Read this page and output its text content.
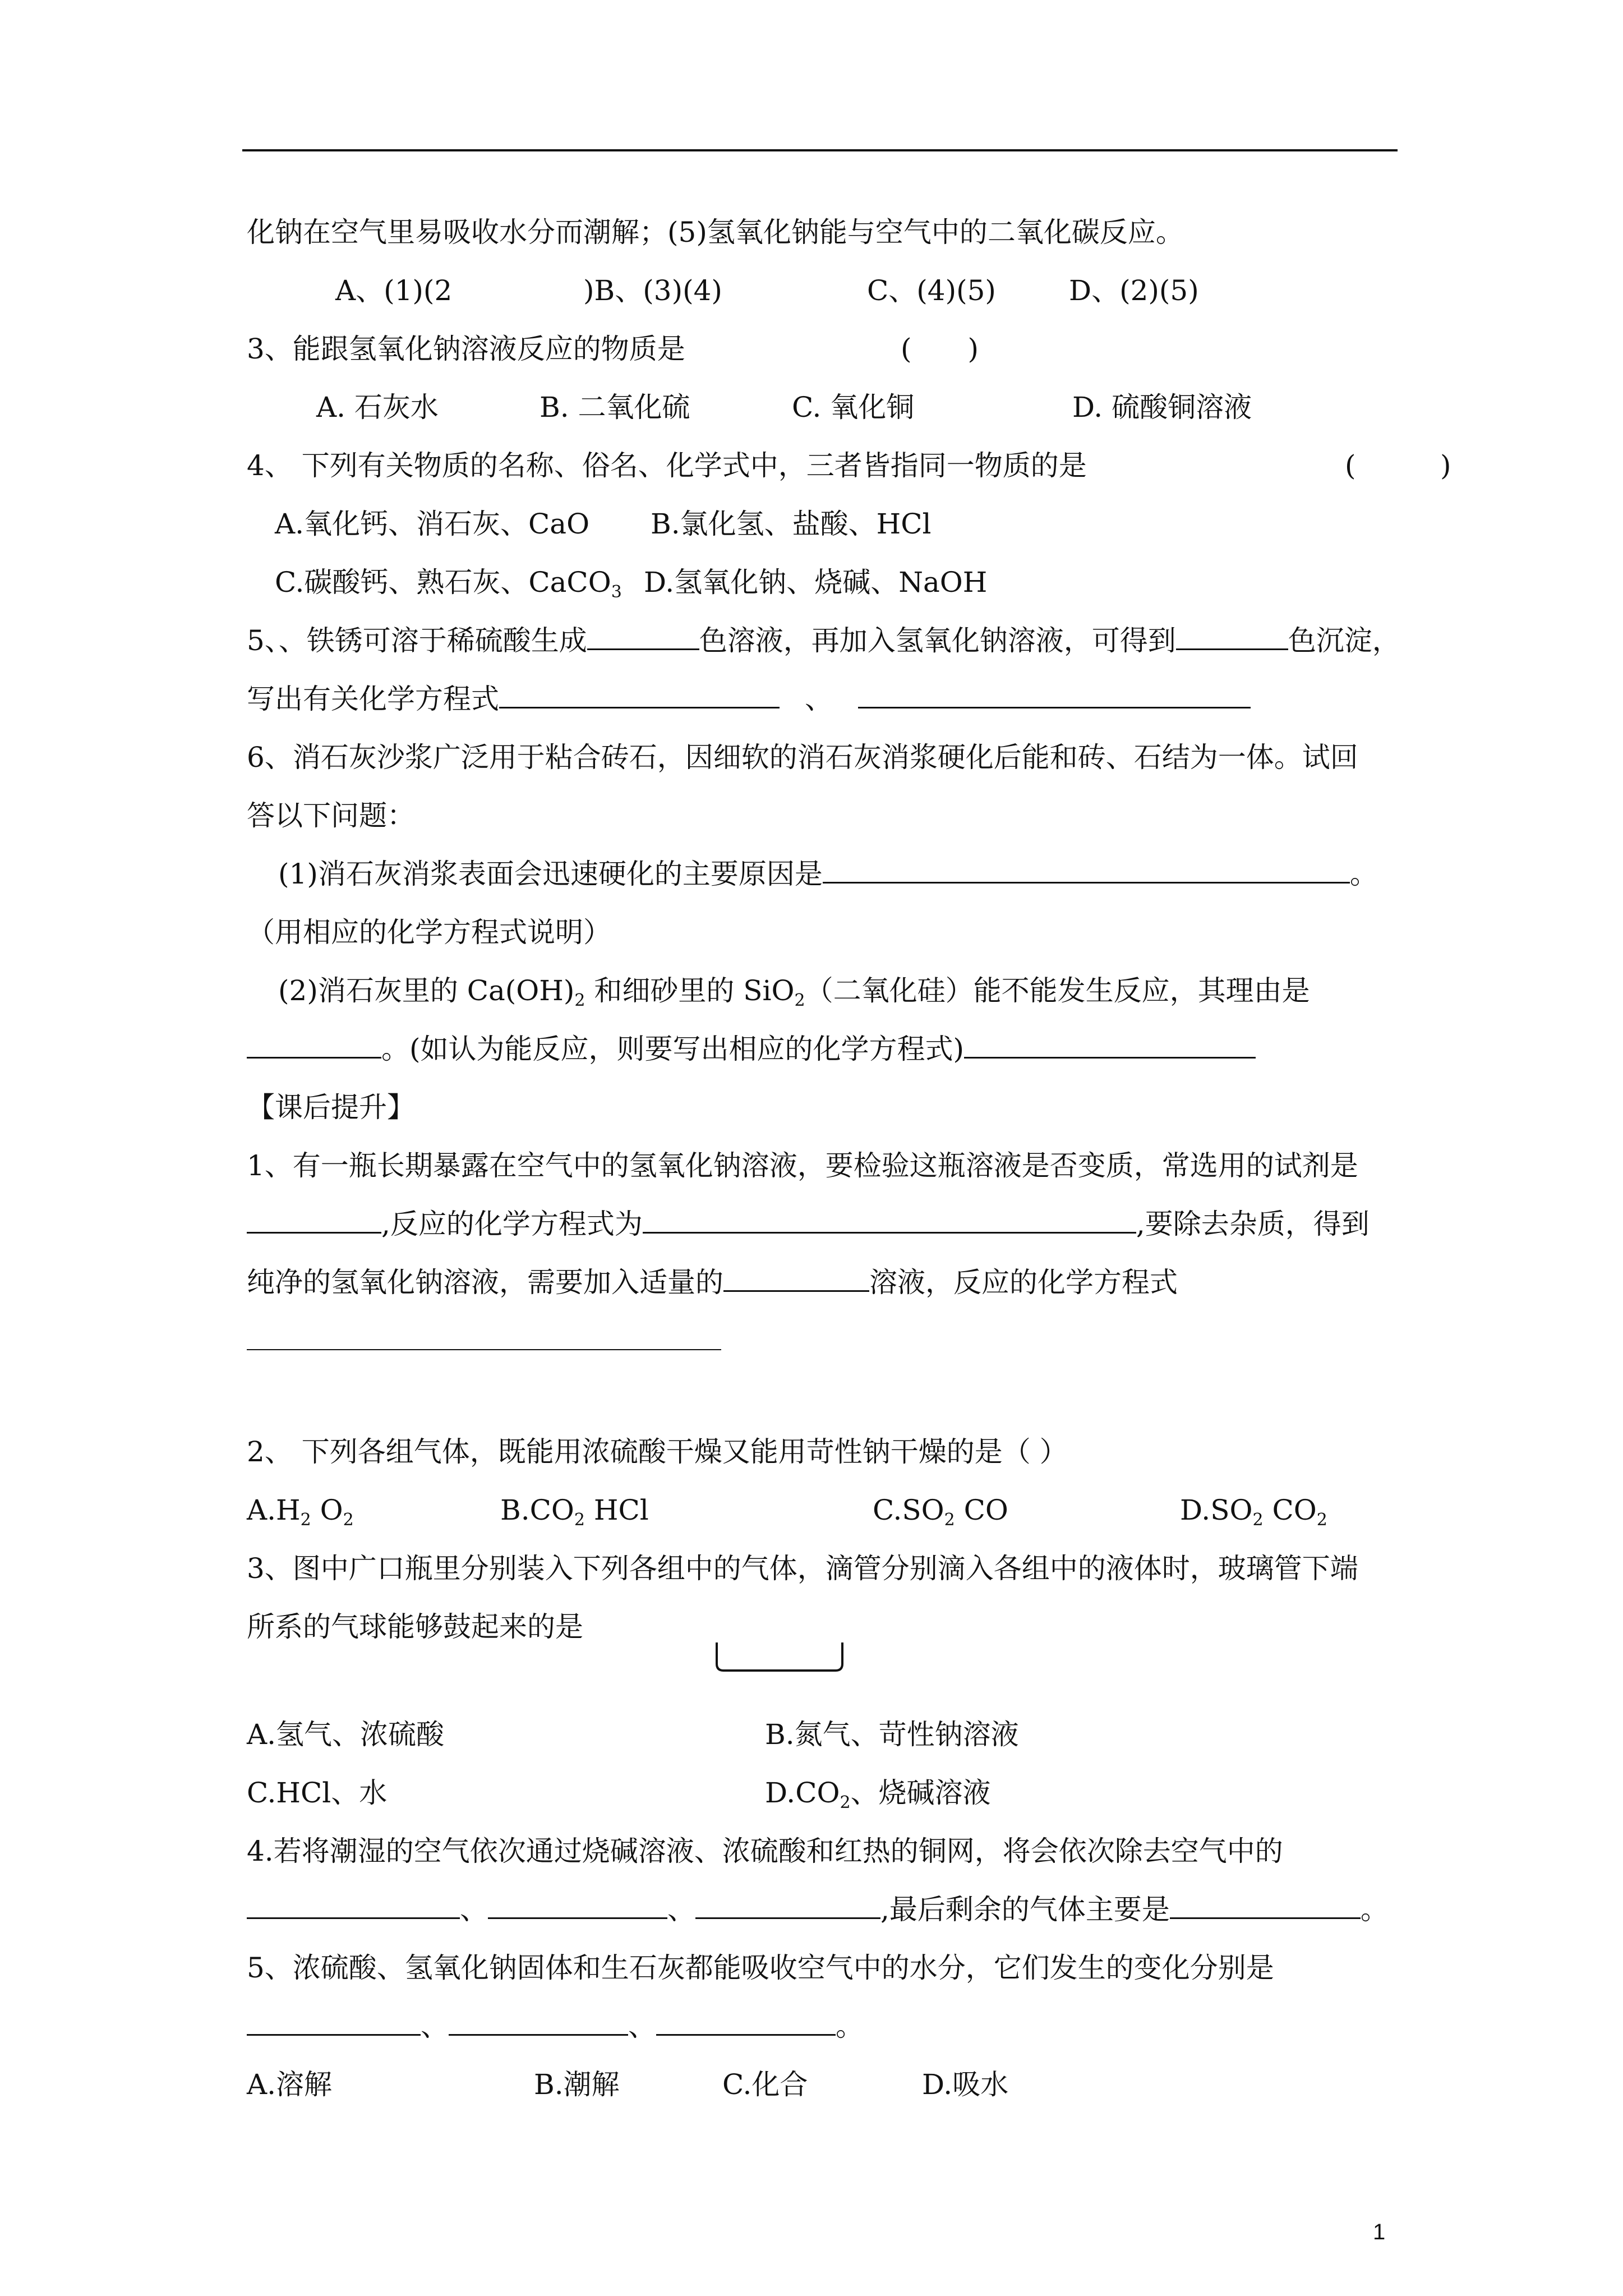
化钠在空气里易吸收水分而潮解；(5)氢氧化钠能与空气中的二氧化碳反应。
A、(1)(2	)B、(3)(4)	C、(4)(5)	D、(2)(5)
3、能跟氢氧化钠溶液反应的物质是	(　　)
A. 石灰水	B. 二氧化硫	C. 氧化铜	D. 硫酸铜溶液
4、 下列有关物质的名称、俗名、化学式中，三者皆指同一物质的是	(	)
A.氧化钙、消石灰、CaO B.氯化氢、盐酸、HCl
C.碳酸钙、熟石灰、CaCO$_3$ D.氢氧化钠、烧碱、NaOH
5、、铁锈可溶于稀硫酸生成	色溶液，再加入氢氧化钠溶液，可得到	色沉淀，
写出有关化学方程式	、
6、消石灰沙浆广泛用于粘合砖石，因细软的消石灰消浆硬化后能和砖、石结为一体。试回
答以下问题：
(1)消石灰消浆表面会迅速硬化的主要原因是	。
（用相应的化学方程式说明）
(2)消石灰里的 $Ca(OH)_2$ 和细砂里的 SiO$_2$（二氧化硅）能不能发生反应，其理由是
。(如认为能反应，则要写出相应的化学方程式)
【课后提升】
1、有一瓶长期暴露在空气中的氢氧化钠溶液，要检验这瓶溶液是否变质，常选用的试剂是
,反应的化学方程式为	,要除去杂质，得到
纯净的氢氧化钠溶液，需要加入适量的	溶液，反应的化学方程式
2、 下列各组气体，既能用浓硫酸干燥又能用苛性钠干燥的是（ ）
$A.H_2$ $O_2$	$B.CO_2$ HCl	$C.SO_2$ CO	$D.SO_2$ $CO_2$
3、图中广口瓶里分别装入下列各组中的气体，滴管分别滴入各组中的液体时，玻璃管下端
所系的气球能够鼓起来的是
A.氢气、浓硫酸	B.氮气、苛性钠溶液
C.HCl、水	$D.CO_2$、烧碱溶液
4.若将潮湿的空气依次通过烧碱溶液、浓硫酸和红热的铜网，将会依次除去空气中的
、	、	,最后剩余的气体主要是	。
5、浓硫酸、氢氧化钠固体和生石灰都能吸收空气中的水分，它们发生的变化分别是
、	、	。
A.溶解	B.潮解	C.化合	D.吸水
1
